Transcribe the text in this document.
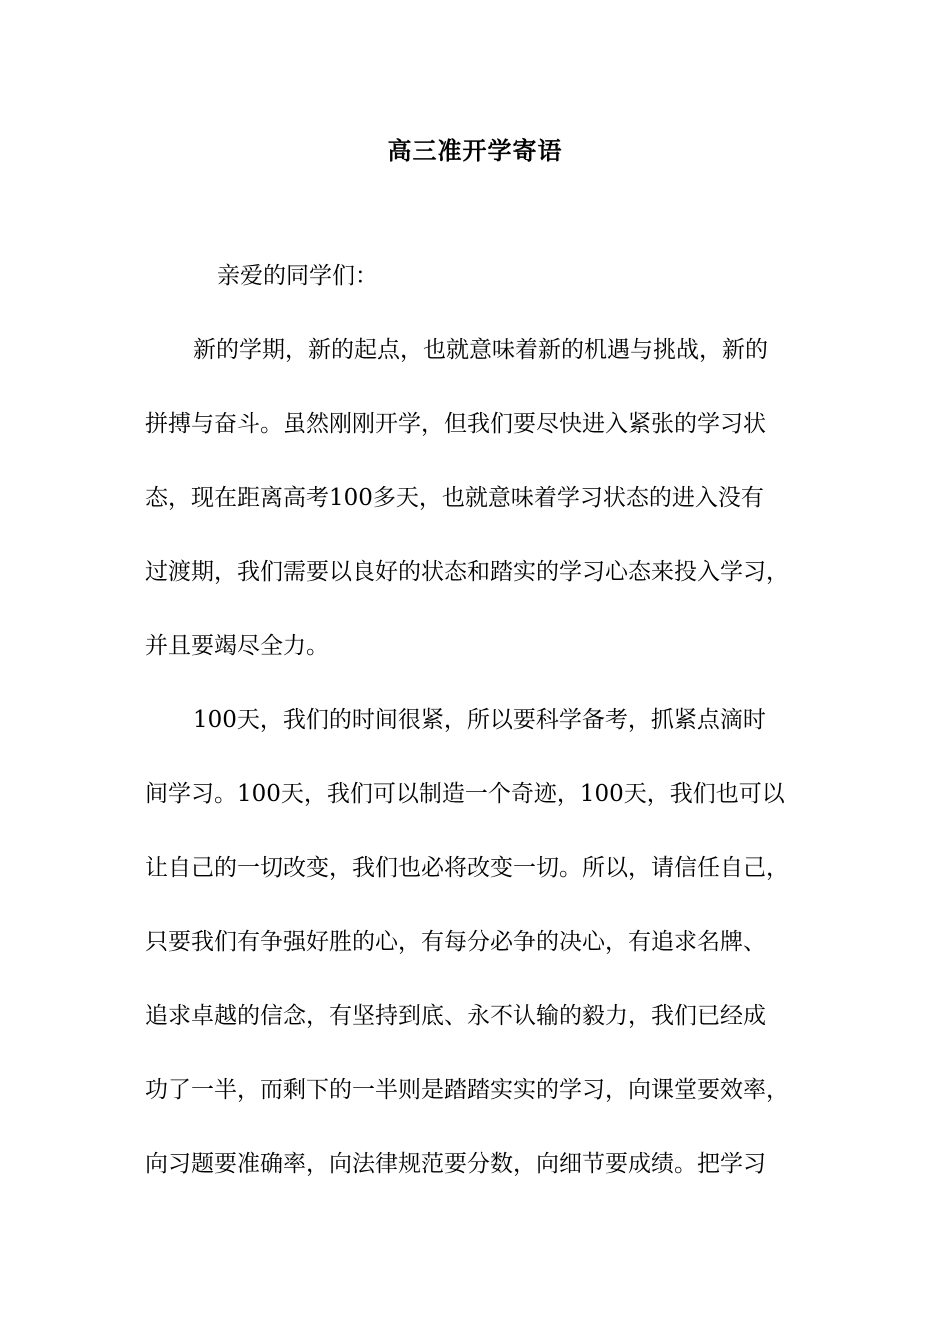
高三准开学寄语
亲爱的同学们：
新的学期，新的起点，也就意味着新的机遇与挑战，新的
拼搏与奋斗。虽然刚刚开学，但我们要尽快进入紧张的学习状
态，现在距离高考100多天，也就意味着学习状态的进入没有
过渡期，我们需要以良好的状态和踏实的学习心态来投入学习，
并且要竭尽全力。
100天，我们的时间很紧，所以要科学备考，抓紧点滴时
间学习。100天，我们可以制造一个奇迹，100天，我们也可以
让自己的一切改变，我们也必将改变一切。所以，请信任自己，
只要我们有争强好胜的心，有每分必争的决心，有追求名牌、
追求卓越的信念，有坚持到底、永不认输的毅力，我们已经成
功了一半，而剩下的一半则是踏踏实实的学习，向课堂要效率，
向习题要准确率，向法律规范要分数，向细节要成绩。把学习
